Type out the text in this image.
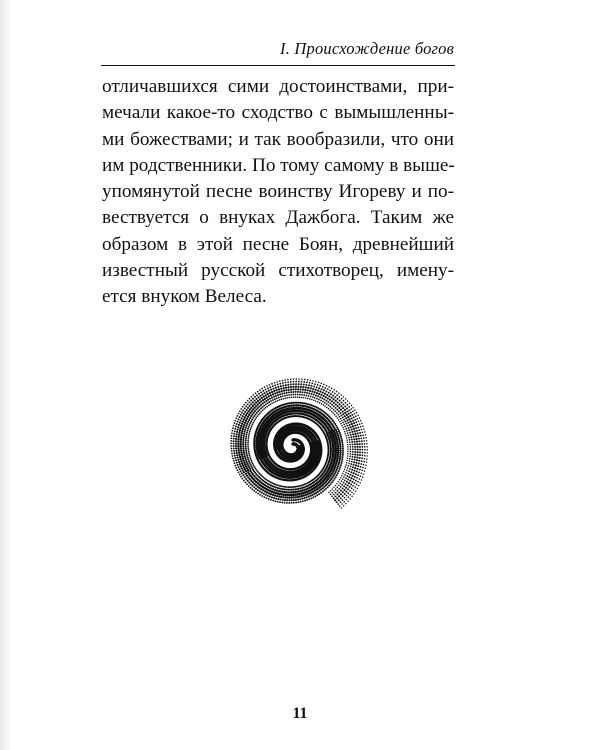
I. Происхождение богов
отличавшихся сими достоинствами, при-
мечали какое-то сходство с вымышленны-
ми божествами; и так вообразили, что они
им родственники. По тому самому в выше-
упомянутой песне воинству Игореву и по-
вествуется о внуках Дажбога. Таким же
образом в этой песне Боян, древнейший
известный русской стихотворец, имену-
ется внуком Велеса.
11
